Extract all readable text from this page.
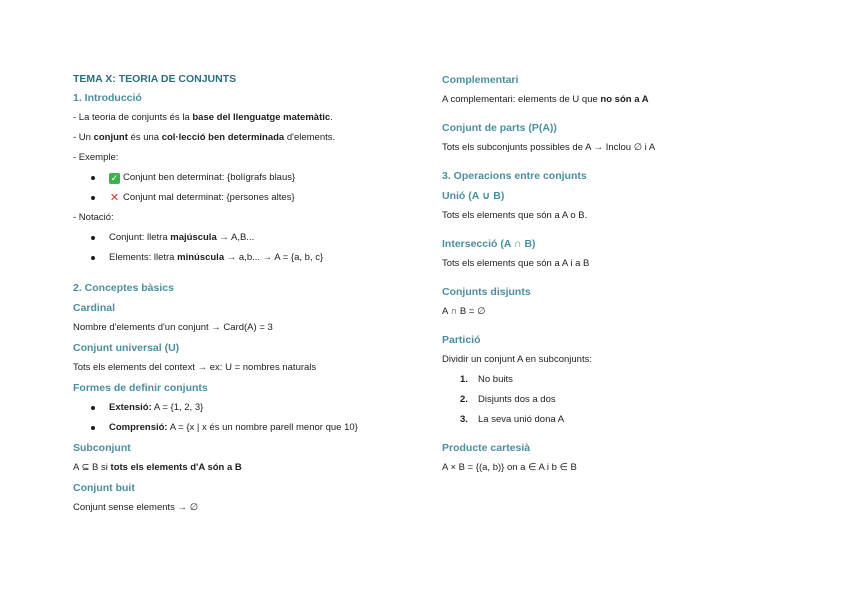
TEMA X: TEORIA DE CONJUNTS

1. Introducció

- La teoria de conjunts és la base del llenguatge matemàtic.

- Un conjunt és una col·lecció ben determinada d'elements.

- Exemple:

✓ Conjunt ben determinat: {bolígrafs blaus}
✕ Conjunt mal determinat: {persones altes}

- Notació:

Conjunt: lletra majúscula → A,B...
Elements: lletra minúscula → a,b... → A = {a, b, c}

2. Conceptes bàsics

Cardinal

Nombre d'elements d'un conjunt → Card(A) = 3

Conjunt universal (U)

Tots els elements del context → ex: U = nombres naturals

Formes de definir conjunts

Extensió: A = {1, 2, 3}
Comprensió: A = {x | x és un nombre parell menor que 10}

Subconjunt

A ⊆ B si tots els elements d'A són a B

Conjunt buit

Conjunt sense elements → ∅

Complementari

A complementari: elements de U que no són a A

Conjunt de parts (P(A))

Tots els subconjunts possibles de A → Inclou ∅ i A

3. Operacions entre conjunts

Unió (A ∪ B)

Tots els elements que són a A o B.

Intersecció (A ∩ B)

Tots els elements que són a A i a B

Conjunts disjunts

A ∩ B = ∅

Partició

Dividir un conjunt A en subconjunts:

1. No buits
2. Disjunts dos a dos
3. La seva unió dona A

Producte cartesià

A × B = {(a, b)} on a ∈ A i b ∈ B
